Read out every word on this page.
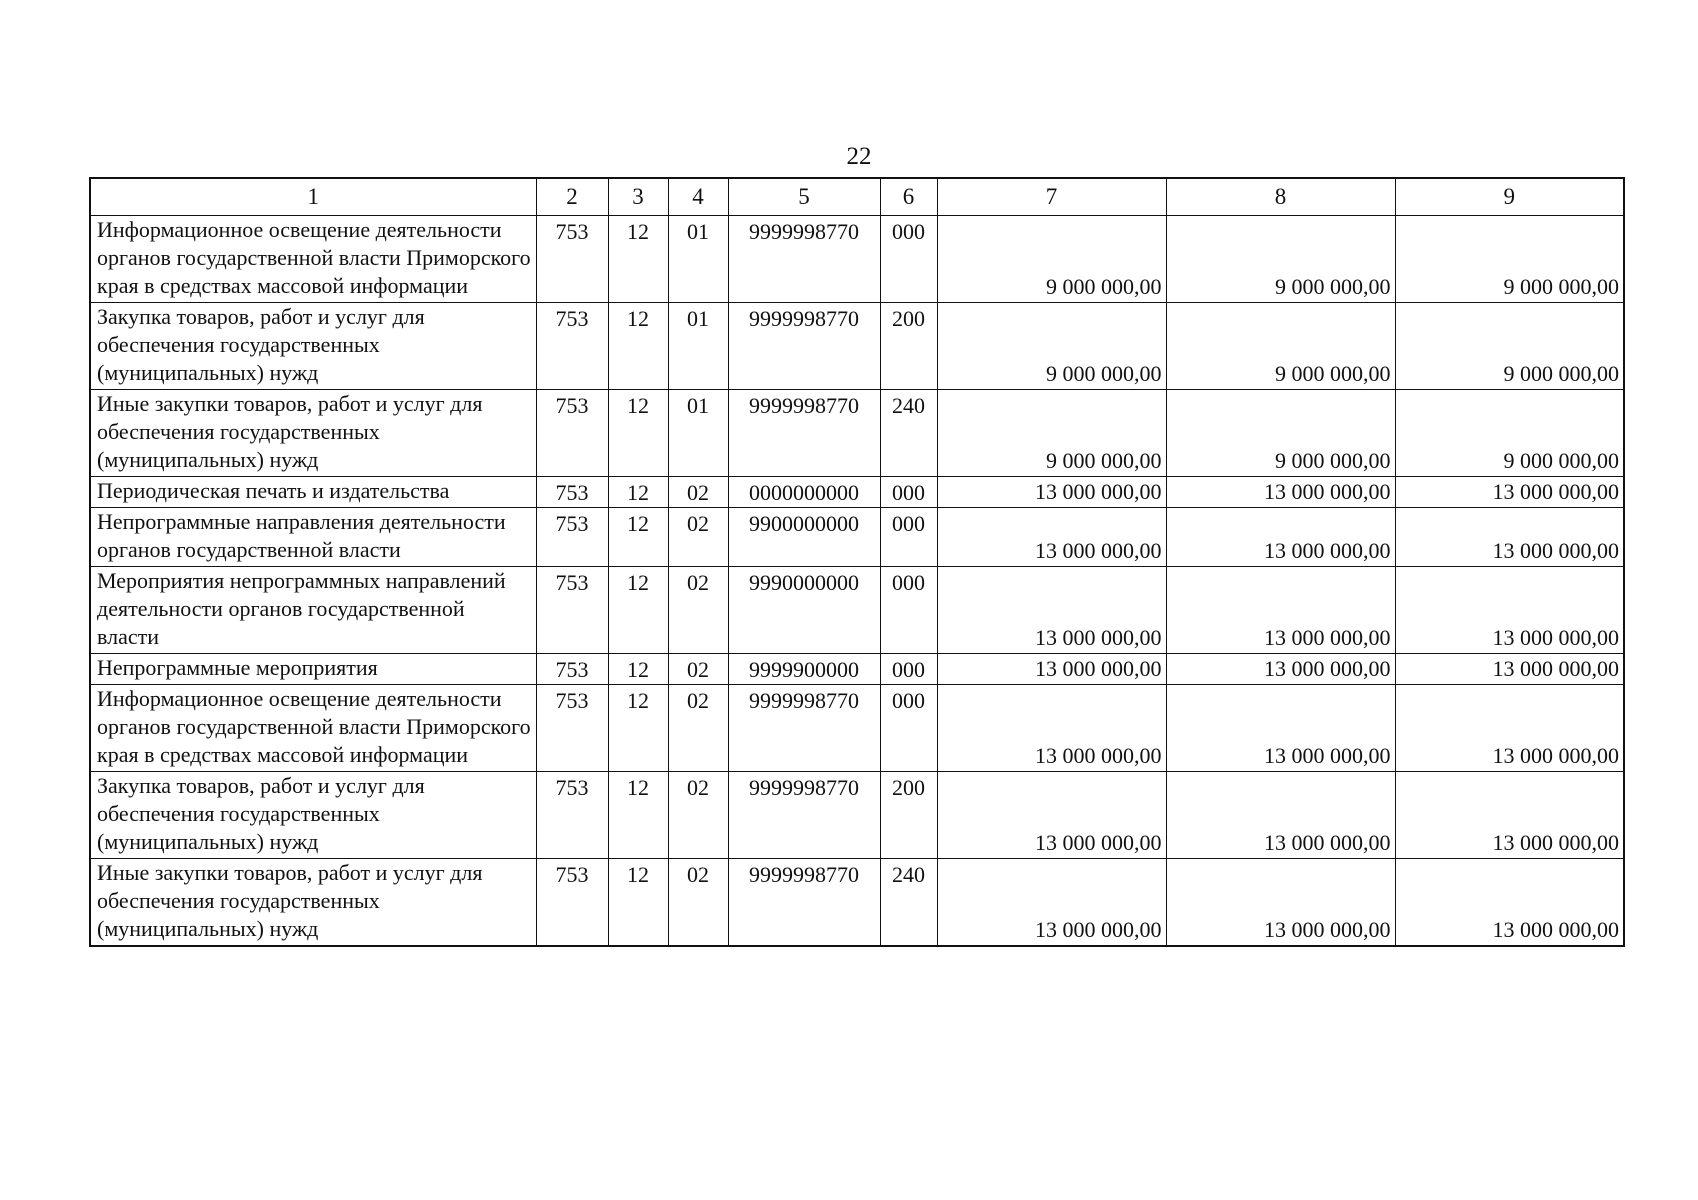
22
1	2	3	4	5	6	7	8	9
Информационное освещение деятельности органов государственной власти Приморского края в средствах массовой информации	753	12	01	9999998770	000	9 000 000,00	9 000 000,00	9 000 000,00
Закупка товаров, работ и услуг для обеспечения государственных (муниципальных) нужд	753	12	01	9999998770	200	9 000 000,00	9 000 000,00	9 000 000,00
Иные закупки товаров, работ и услуг для обеспечения государственных (муниципальных) нужд	753	12	01	9999998770	240	9 000 000,00	9 000 000,00	9 000 000,00
Периодическая печать и издательства	753	12	02	0000000000	000	13 000 000,00	13 000 000,00	13 000 000,00
Непрограммные направления деятельности органов государственной власти	753	12	02	9900000000	000	13 000 000,00	13 000 000,00	13 000 000,00
Мероприятия непрограммных направлений деятельности органов государственной власти	753	12	02	9990000000	000	13 000 000,00	13 000 000,00	13 000 000,00
Непрограммные мероприятия	753	12	02	9999900000	000	13 000 000,00	13 000 000,00	13 000 000,00
Информационное освещение деятельности органов государственной власти Приморского края в средствах массовой информации	753	12	02	9999998770	000	13 000 000,00	13 000 000,00	13 000 000,00
Закупка товаров, работ и услуг для обеспечения государственных (муниципальных) нужд	753	12	02	9999998770	200	13 000 000,00	13 000 000,00	13 000 000,00
Иные закупки товаров, работ и услуг для обеспечения государственных (муниципальных) нужд	753	12	02	9999998770	240	13 000 000,00	13 000 000,00	13 000 000,00
